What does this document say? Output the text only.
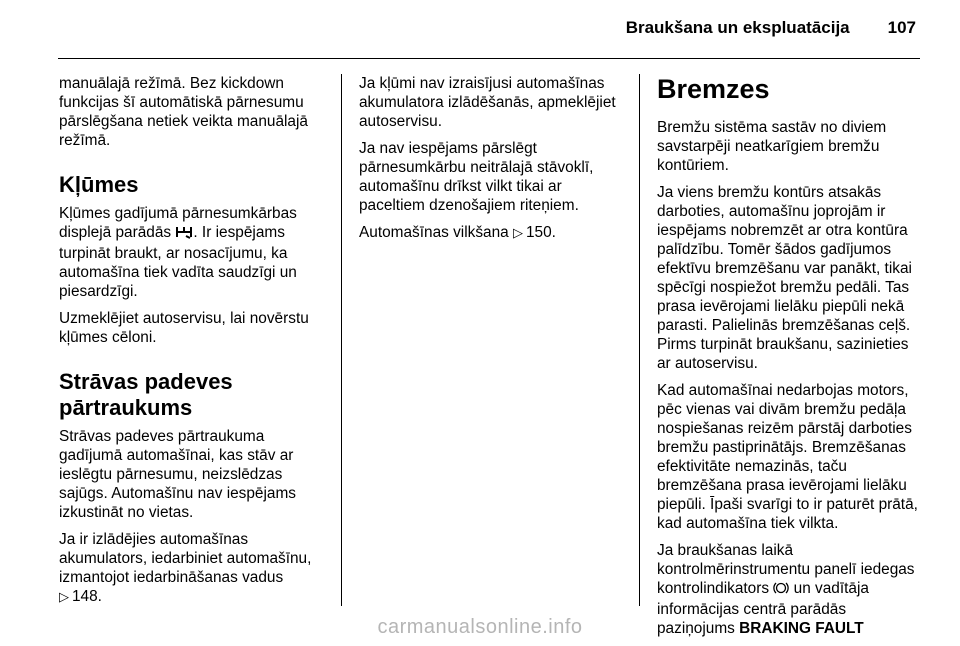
Braukšana un ekspluatācija 107

manuālajā režīmā. Bez kickdown funkcijas šī automātiskā pārnesumu pārslēgšana netiek veikta manuālajā režīmā.

Kļūmes

Kļūmes gadījumā pārnesumkārbas displejā parādās . Ir iespējams turpināt braukt, ar nosacījumu, ka automašīna tiek vadīta saudzīgi un piesardzīgi.

Uzmeklējiet autoservisu, lai novērstu kļūmes cēloni.

Strāvas padeves pārtraukums

Strāvas padeves pārtraukuma gadījumā automašīnai, kas stāv ar ieslēgtu pārnesumu, neizslēdzas sajūgs. Automašīnu nav iespējams izkustināt no vietas.

Ja ir izlādējies automašīnas akumulators, iedarbiniet automašīnu, izmantojot iedarbināšanas vadus
▷ 148.

Ja kļūmi nav izraisījusi automašīnas akumulatora izlādēšanās, apmeklējiet autoservisu.

Ja nav iespējams pārslēgt pārnesumkārbu neitrālajā stāvoklī, automašīnu drīkst vilkt tikai ar paceltiem dzenošajiem riteņiem.

Automašīnas vilkšana ▷ 150.

Bremzes

Bremžu sistēma sastāv no diviem savstarpēji neatkarīgiem bremžu kontūriem.

Ja viens bremžu kontūrs atsakās darboties, automašīnu joprojām ir iespējams nobremzēt ar otra kontūra palīdzību. Tomēr šādos gadījumos efektīvu bremzēšanu var panākt, tikai spēcīgi nospiežot bremžu pedāli. Tas prasa ievērojami lielāku piepūli nekā parasti. Palielinās bremzēšanas ceļš. Pirms turpināt braukšanu, sazinieties ar autoservisu.

Kad automašīnai nedarbojas motors, pēc vienas vai divām bremžu pedāļa nospiešanas reizēm pārstāj darboties bremžu pastiprinātājs. Bremzēšanas efektivitāte nemazinās, taču bremzēšana prasa ievērojami lielāku piepūli. Īpaši svarīgi to ir paturēt prātā, kad automašīna tiek vilkta.

Ja braukšanas laikā kontrolmērinstrumentu panelī iedegas kontrolindikators un vadītāja informācijas centrā parādās paziņojums BRAKING FAULT

carmanualsonline.info
